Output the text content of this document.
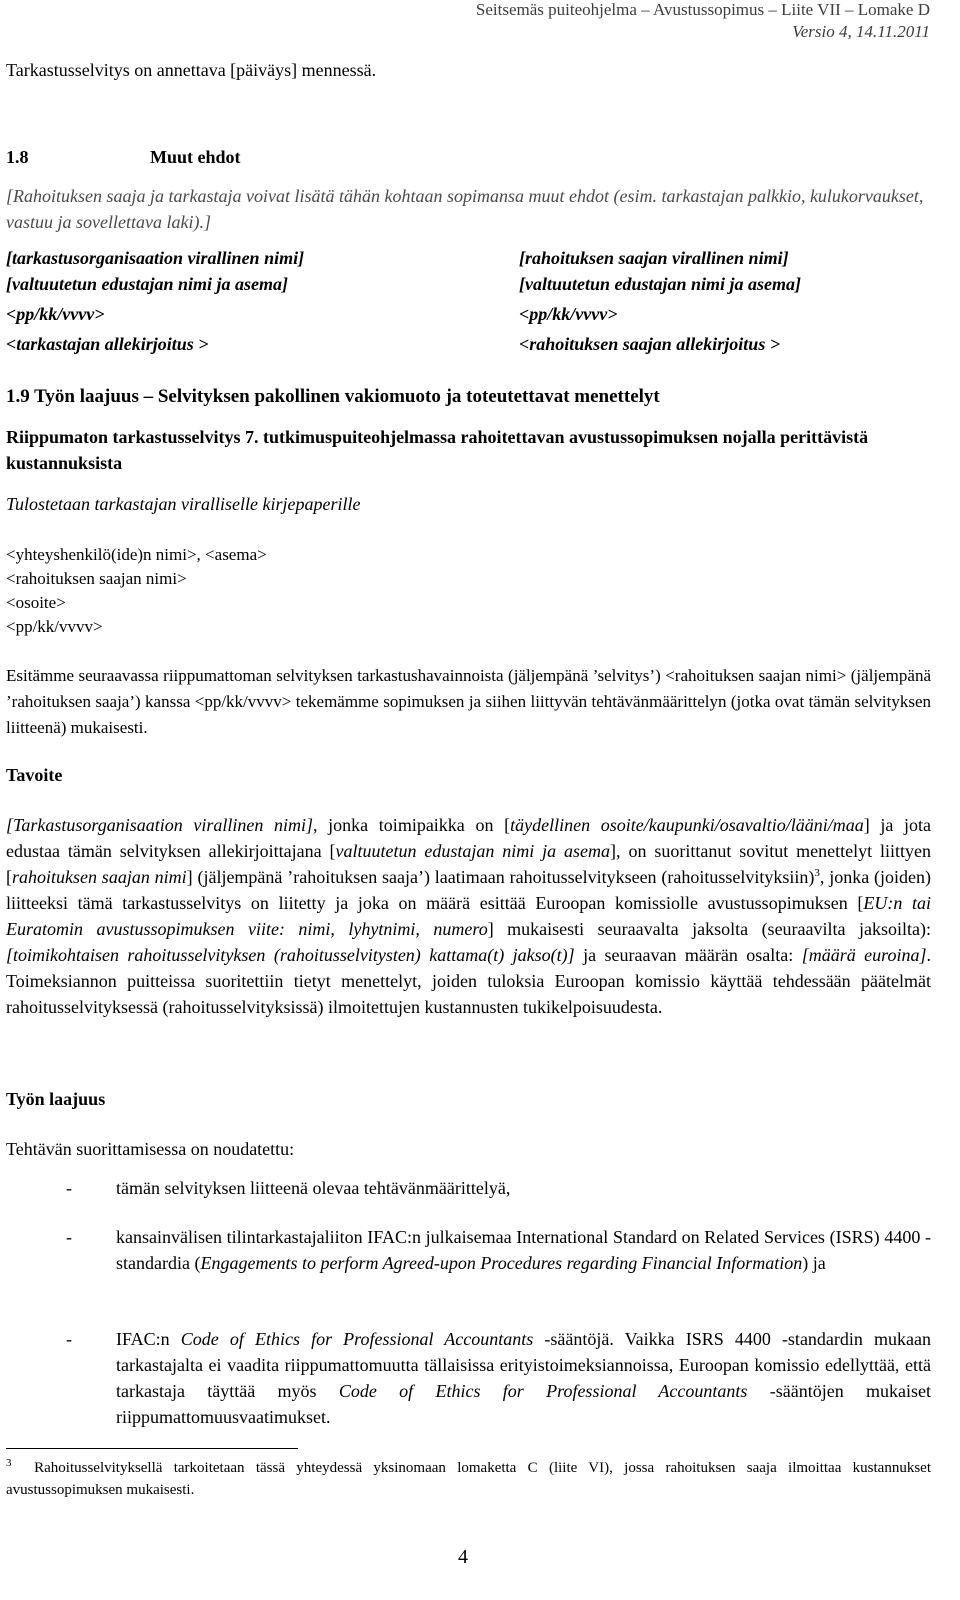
Seitsemäs puiteohjelma – Avustussopimus – Liite VII – Lomake D
Versio 4, 14.11.2011
Tarkastusselvitys on annettava [päiväys] mennessä.
1.8	Muut ehdot
[Rahoituksen saaja ja tarkastaja voivat lisätä tähän kohtaan sopimansa muut ehdot (esim. tarkastajan palkkio, kulukorvaukset, vastuu ja sovellettava laki).]
[tarkastusorganisaation virallinen nimi]
[valtuutetun edustajan nimi ja asema]
<pp/kk/vvvv>
<tarkastajan allekirjoitus >
[rahoituksen saajan virallinen nimi]
[valtuutetun edustajan nimi ja asema]
<pp/kk/vvvv>
<rahoituksen saajan allekirjoitus >
1.9 Työn laajuus – Selvityksen pakollinen vakiomuoto ja toteutettavat menettelyt
Riippumaton tarkastusselvitys 7. tutkimuspuiteohjelmassa rahoitettavan avustussopimuksen nojalla perittävistä kustannuksista
Tulostetaan tarkastajan viralliselle kirjepaperille
<yhteyshenkilö(ide)n nimi>, <asema>
<rahoituksen saajan nimi>
<osoite>
<pp/kk/vvvv>
Esitämme seuraavassa riippumattoman selvityksen tarkastushavainnoista (jäljempänä ’selvitys’) <rahoituksen saajan nimi> (jäljempänä ’rahoituksen saaja’) kanssa <pp/kk/vvvv> tekemämme sopimuksen ja siihen liittyvän tehtävänmäärittelyn (jotka ovat tämän selvityksen liitteenä) mukaisesti.
Tavoite
[Tarkastusorganisaation virallinen nimi], jonka toimipaikka on [täydellinen osoite/kaupunki/osavaltio/lääni/maa] ja jota edustaa tämän selvityksen allekirjoittajana [valtuutetun edustajan nimi ja asema], on suorittanut sovitut menettelyt liittyen [rahoituksen saajan nimi] (jäljempänä ’rahoituksen saaja’) laatimaan rahoitusselvitykseen (rahoitusselvityksiin)$^3$, jonka (joiden) liitteeksi tämä tarkastusselvitys on liitetty ja joka on määrä esittää Euroopan komissiolle avustussopimuksen [EU:n tai Euratomin avustussopimuksen viite: nimi, lyhytnimi, numero] mukaisesti seuraavalta jaksolta (seuraavilta jaksoilta): [toimikohtaisen rahoitusselvityksen (rahoitusselvitysten) kattama(t) jakso(t)] ja seuraavan määrän osalta: [määrä euroina]. Toimeksiannon puitteissa suoritettiin tietyt menettelyt, joiden tuloksia Euroopan komissio käyttää tehdessään päätelmät rahoitusselvityksessä (rahoitusselvityksissä) ilmoitettujen kustannusten tukikelpoisuudesta.
Työn laajuus
Tehtävän suorittamisessa on noudatettu:
- tämän selvityksen liitteenä olevaa tehtävänmäärittelyä,
- kansainvälisen tilintarkastajaliiton IFAC:n julkaisemaa International Standard on Related Services (ISRS) 4400 -standardia (Engagements to perform Agreed-upon Procedures regarding Financial Information) ja
- IFAC:n Code of Ethics for Professional Accountants -sääntöjä. Vaikka ISRS 4400 -standardin mukaan tarkastajalta ei vaadita riippumattomuutta tällaisissa erityistoimeksiannoissa, Euroopan komissio edellyttää, että tarkastaja täyttää myös Code of Ethics for Professional Accountants -sääntöjen mukaiset riippumattomuusvaatimukset.
$^3$ Rahoitusselvityksellä tarkoitetaan tässä yhteydessä yksinomaan lomaketta C (liite VI), jossa rahoituksen saaja ilmoittaa kustannukset avustussopimuksen mukaisesti.
4
